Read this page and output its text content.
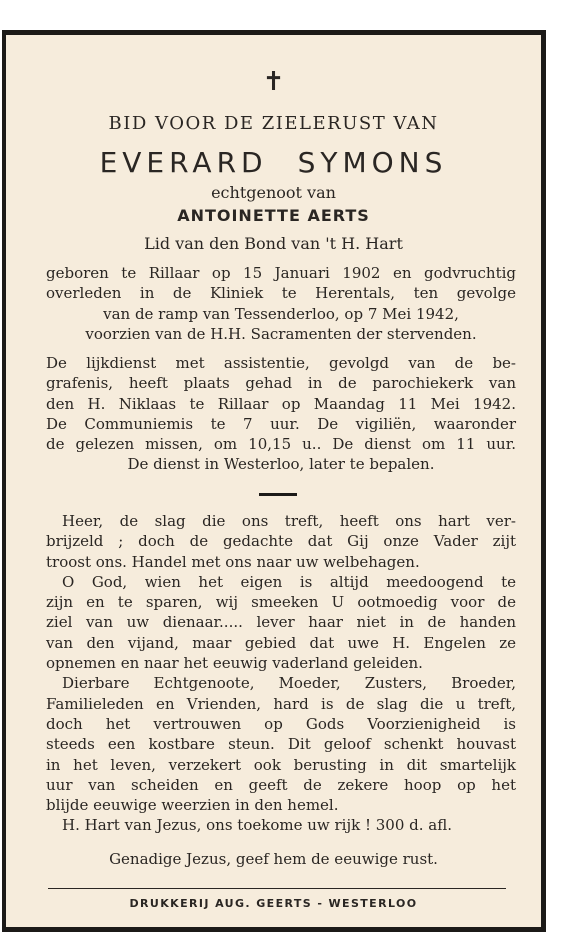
✝
BID VOOR DE ZIELERUST VAN
EVERARD SYMONS
echtgenoot van
ANTOINETTE AERTS
Lid van den Bond van 't H. Hart
geboren te Rillaar op 15 Januari 1902 en godvruchtig
overleden in de Kliniek te Herentals, ten gevolge
van de ramp van Tessenderloo, op 7 Mei 1942,
voorzien van de H.H. Sacramenten der stervenden.
De lijkdienst met assistentie, gevolgd van de be-
grafenis, heeft plaats gehad in de parochiekerk van
den H. Niklaas te Rillaar op Maandag 11 Mei 1942.
De Communiemis te 7 uur. De vigiliën, waaronder
de gelezen missen, om 10,15 u.. De dienst om 11 uur.
De dienst in Westerloo, later te bepalen.
Heer, de slag die ons treft, heeft ons hart ver-
brijzeld ; doch de gedachte dat Gij onze Vader zijt
troost ons. Handel met ons naar uw welbehagen.
O God, wien het eigen is altijd meedoogend te
zijn en te sparen, wij smeeken U ootmoedig voor de
ziel van uw dienaar..... lever haar niet in de handen
van den vijand, maar gebied dat uwe H. Engelen ze
opnemen en naar het eeuwig vaderland geleiden.
Dierbare Echtgenoote, Moeder, Zusters, Broeder,
Familieleden en Vrienden, hard is de slag die u treft,
doch het vertrouwen op Gods Voorzienigheid is
steeds een kostbare steun. Dit geloof schenkt houvast
in het leven, verzekert ook berusting in dit smartelijk
uur van scheiden en geeft de zekere hoop op het
blijde eeuwige weerzien in den hemel.
H. Hart van Jezus, ons toekome uw rijk ! 300 d. afl.
Genadige Jezus, geef hem de eeuwige rust.
DRUKKERIJ AUG. GEERTS - WESTERLOO
